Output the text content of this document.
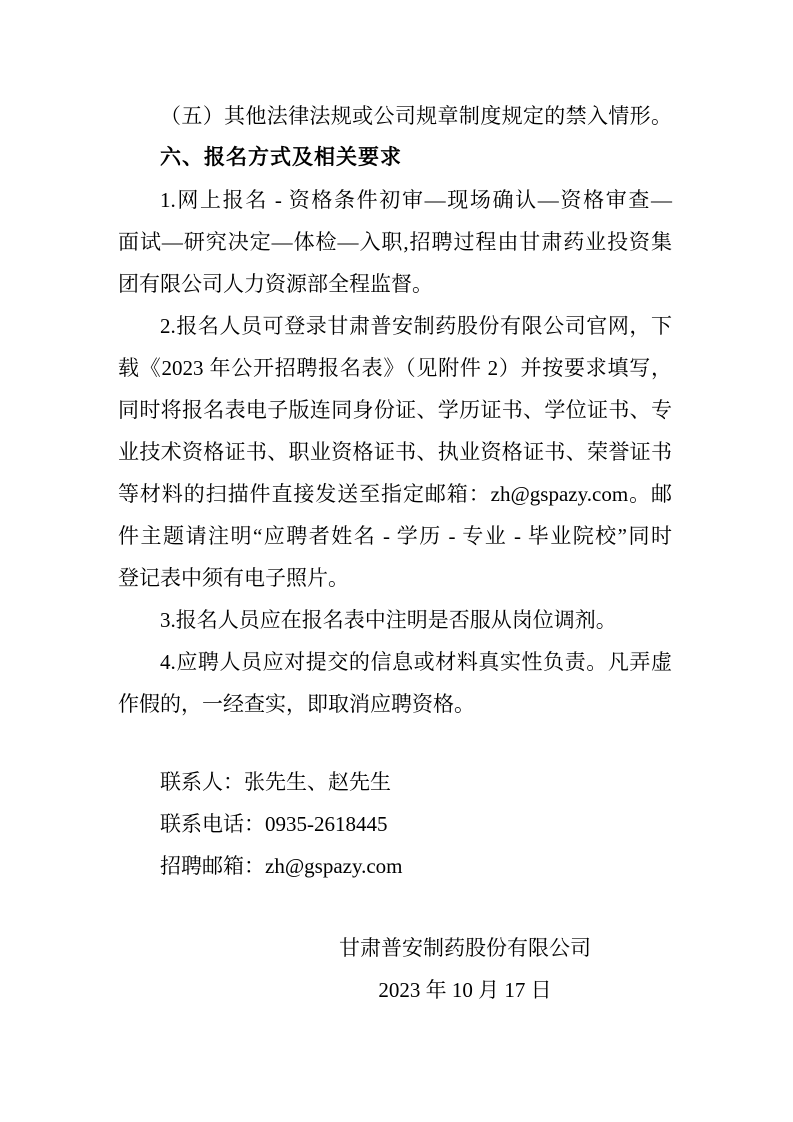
（五）其他法律法规或公司规章制度规定的禁入情形。
六、报名方式及相关要求
1.网上报名 - 资格条件初审—现场确认—资格审查—
面试—研究决定—体检—入职,招聘过程由甘肃药业投资集
团有限公司人力资源部全程监督。
2.报名人员可登录甘肃普安制药股份有限公司官网，下
载《2023 年公开招聘报名表》（见附件 2）并按要求填写，
同时将报名表电子版连同身份证、学历证书、学位证书、专
业技术资格证书、职业资格证书、执业资格证书、荣誉证书
等材料的扫描件直接发送至指定邮箱：zh@gspazy.com。邮
件主题请注明“应聘者姓名 - 学历 - 专业 - 毕业院校”同时
登记表中须有电子照片。
3.报名人员应在报名表中注明是否服从岗位调剂。
4.应聘人员应对提交的信息或材料真实性负责。凡弄虚
作假的，一经查实，即取消应聘资格。
联系人：张先生、赵先生
联系电话：0935-2618445
招聘邮箱：zh@gspazy.com
甘肃普安制药股份有限公司
2023 年 10 月 17 日
